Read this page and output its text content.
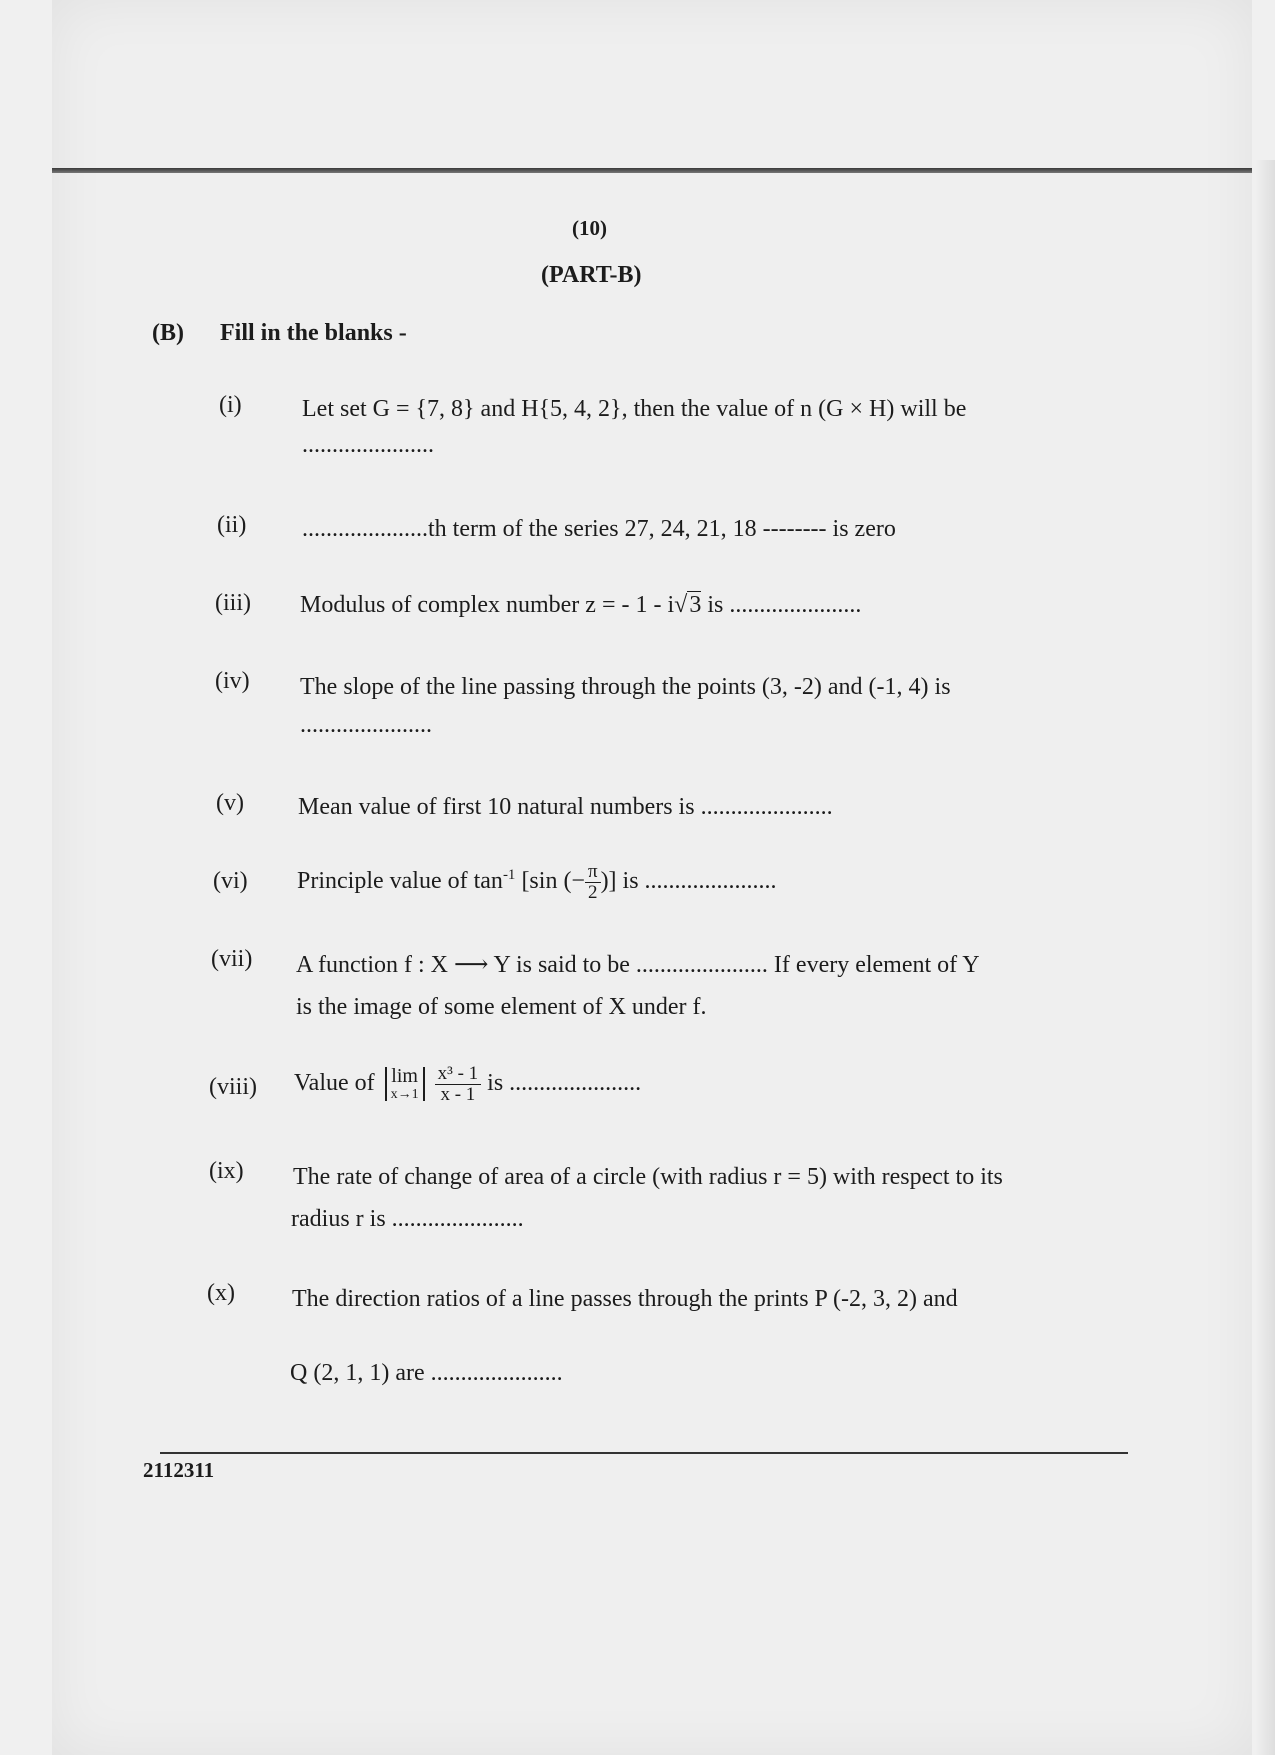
(10)
(PART-B)
(B) Fill in the blanks -
(i)	Let set G = {7, 8} and H{5, 4, 2}, then the value of n (G × H) will be
......................
(ii) .....................th term of the series 27, 24, 21, 18 -------- is zero
(iii) Modulus of complex number z = - 1 - i√3 is ......................
(iv) The slope of the line passing through the points (3, -2) and (-1, 4) is
......................
(v) Mean value of first 10 natural numbers is ......................
(vi) Principle value of $\tan^{-1} [\sin$ (− $\frac{\pi}{2}$ )] is ......................
(vii) A function f : X ⟶ Y is said to be ...................... If every element of Y
is the image of some element of X under f.
(viii) Value of lim
x→1
$\frac{\text{x³ - 1}}{x - 1}$ is ......................
(ix) The rate of change of area of a circle (with radius r = 5) with respect to its
radius r is ......................
(x) The direction ratios of a line passes through the prints P (-2, 3, 2) and
Q (2, 1, 1) are ......................
2112311
